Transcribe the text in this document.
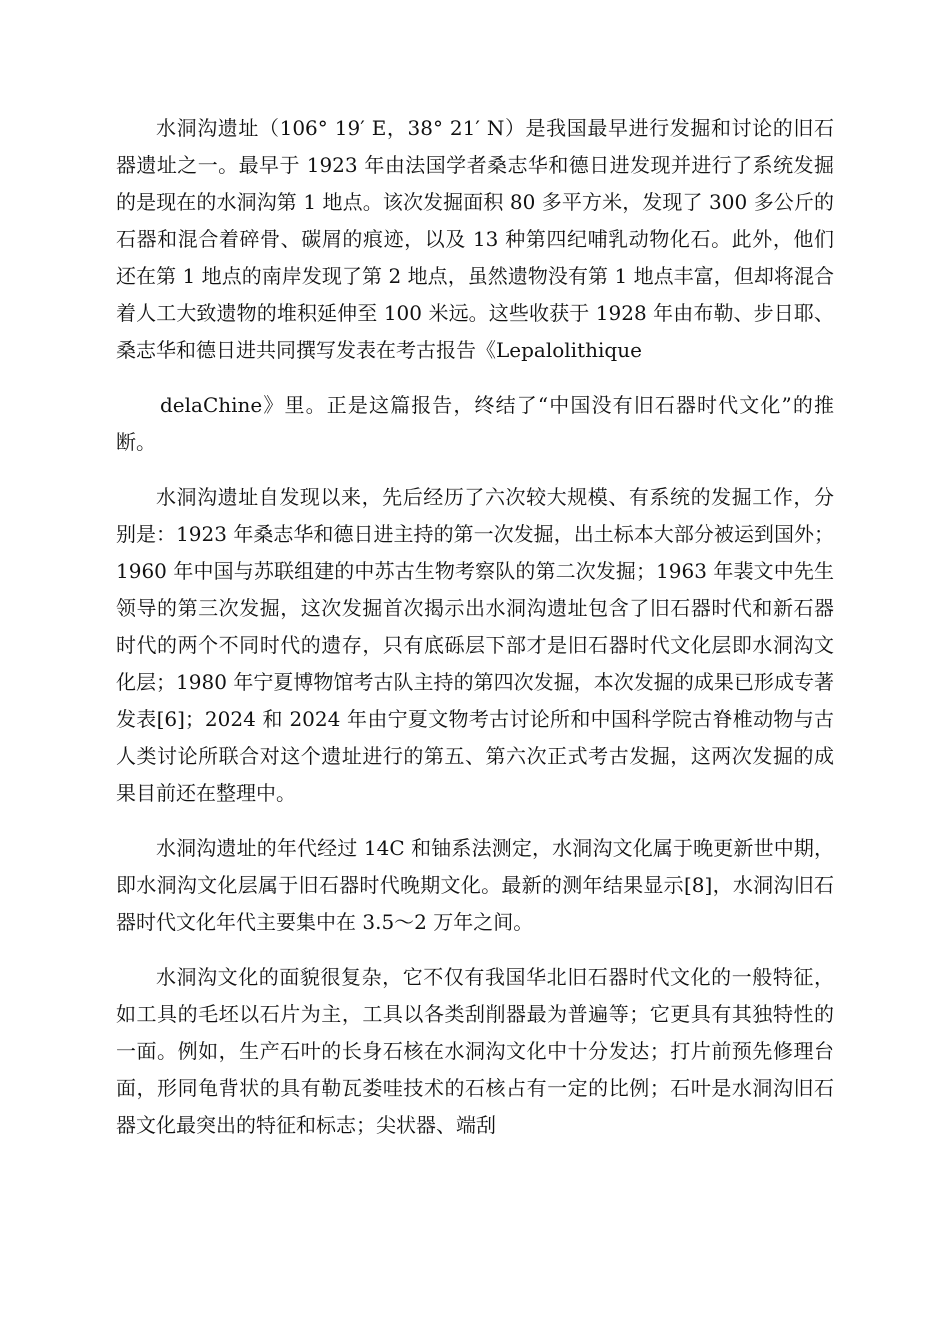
水洞沟遗址（106° 19′ E，38° 21′ N）是我国最早进行发掘和讨论的旧石器遗址之一。最早于 1923 年由法国学者桑志华和德日进发现并进行了系统发掘的是现在的水洞沟第 1 地点。该次发掘面积 80 多平方米，发现了 300 多公斤的石器和混合着碎骨、碳屑的痕迹，以及 13 种第四纪哺乳动物化石。此外，他们还在第 1 地点的南岸发现了第 2 地点，虽然遗物没有第 1 地点丰富，但却将混合着人工大致遗物的堆积延伸至 100 米远。这些收获于 1928 年由布勒、步日耶、桑志华和德日进共同撰写发表在考古报告《Lepalolithique

delaChine》里。正是这篇报告，终结了“中国没有旧石器时代文化”的推断。

水洞沟遗址自发现以来，先后经历了六次较大规模、有系统的发掘工作，分别是：1923 年桑志华和德日进主持的第一次发掘，出土标本大部分被运到国外；1960 年中国与苏联组建的中苏古生物考察队的第二次发掘；1963 年裴文中先生领导的第三次发掘，这次发掘首次揭示出水洞沟遗址包含了旧石器时代和新石器时代的两个不同时代的遗存，只有底砾层下部才是旧石器时代文化层即水洞沟文化层；1980 年宁夏博物馆考古队主持的第四次发掘，本次发掘的成果已形成专著发表[6]；2024 和 2024 年由宁夏文物考古讨论所和中国科学院古脊椎动物与古人类讨论所联合对这个遗址进行的第五、第六次正式考古发掘，这两次发掘的成果目前还在整理中。

水洞沟遗址的年代经过 14C 和铀系法测定，水洞沟文化属于晚更新世中期，即水洞沟文化层属于旧石器时代晚期文化。最新的测年结果显示[8]，水洞沟旧石器时代文化年代主要集中在 3.5～2 万年之间。

水洞沟文化的面貌很复杂，它不仅有我国华北旧石器时代文化的一般特征，如工具的毛坯以石片为主，工具以各类刮削器最为普遍等；它更具有其独特性的一面。例如，生产石叶的长身石核在水洞沟文化中十分发达；打片前预先修理台面，形同龟背状的具有勒瓦娄哇技术的石核占有一定的比例；石叶是水洞沟旧石器文化最突出的特征和标志；尖状器、端刮
